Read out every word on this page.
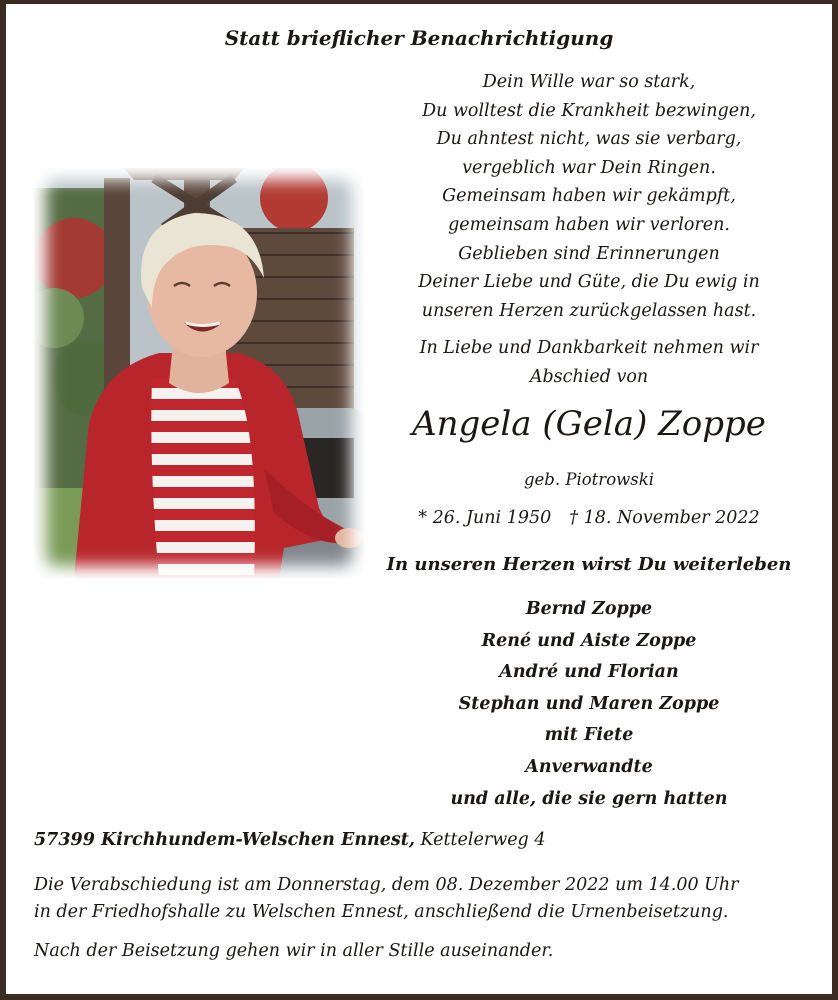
Statt brieflicher Benachrichtigung
Dein Wille war so stark,
Du wolltest die Krankheit bezwingen,
Du ahntest nicht, was sie verbarg,
vergeblich war Dein Ringen.
Gemeinsam haben wir gekämpft,
gemeinsam haben wir verloren.
Geblieben sind Erinnerungen
Deiner Liebe und Güte, die Du ewig in
unseren Herzen zurückgelassen hast.
In Liebe und Dankbarkeit nehmen wir
Abschied von
Angela (Gela) Zoppe
geb. Piotrowski
* 26. Juni 1950 † 18. November 2022
In unseren Herzen wirst Du weiterleben
Bernd Zoppe
René und Aiste Zoppe
André und Florian
Stephan und Maren Zoppe
mit Fiete
Anverwandte
und alle, die sie gern hatten
57399 Kirchhundem-Welschen Ennest, Kettelerweg 4
Die Verabschiedung ist am Donnerstag, dem 08. Dezember 2022 um 14.00 Uhr
in der Friedhofshalle zu Welschen Ennest, anschließend die Urnenbeisetzung.
Nach der Beisetzung gehen wir in aller Stille auseinander.
